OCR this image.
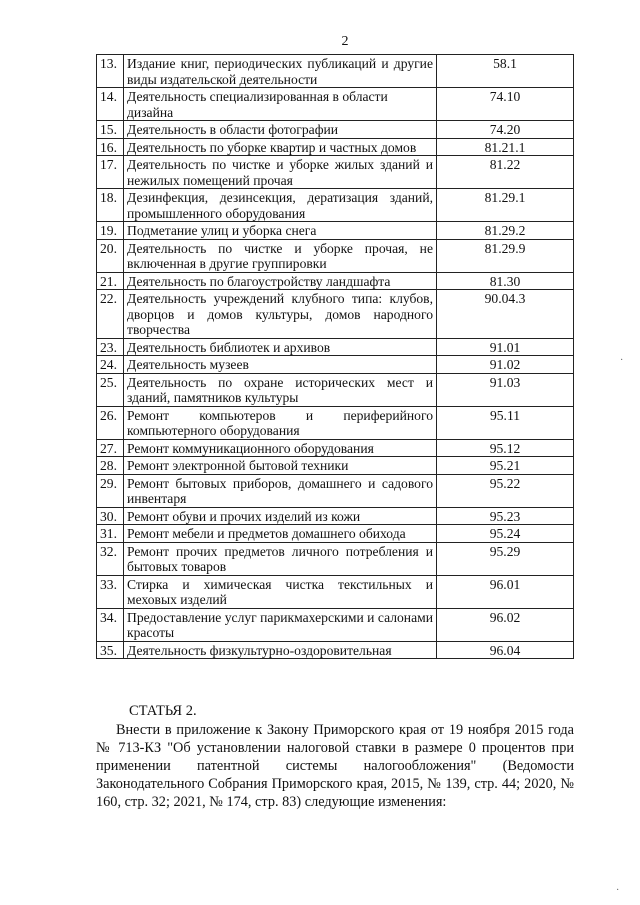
2
13.	Издание книг, периодических публикаций и другие виды издательской деятельности	58.1
14.	Деятельность специализированная в области дизайна	74.10
15.	Деятельность в области фотографии	74.20
16.	Деятельность по уборке квартир и частных домов	81.21.1
17.	Деятельность по чистке и уборке жилых зданий и нежилых помещений прочая	81.22
18.	Дезинфекция, дезинсекция, дератизация зданий, промышленного оборудования	81.29.1
19.	Подметание улиц и уборка снега	81.29.2
20.	Деятельность по чистке и уборке прочая, не включенная в другие группировки	81.29.9
21.	Деятельность по благоустройству ландшафта	81.30
22.	Деятельность учреждений клубного типа: клубов, дворцов и домов культуры, домов народного творчества	90.04.3
23.	Деятельность библиотек и архивов	91.01
24.	Деятельность музеев	91.02
25.	Деятельность по охране исторических мест и зданий, памятников культуры	91.03
26.	Ремонт компьютеров и периферийного компьютерного оборудования	95.11
27.	Ремонт коммуникационного оборудования	95.12
28.	Ремонт электронной бытовой техники	95.21
29.	Ремонт бытовых приборов, домашнего и садового инвентаря	95.22
30.	Ремонт обуви и прочих изделий из кожи	95.23
31.	Ремонт мебели и предметов домашнего обихода	95.24
32.	Ремонт прочих предметов личного потребления и бытовых товаров	95.29
33.	Стирка и химическая чистка текстильных и меховых изделий	96.01
34.	Предоставление услуг парикмахерскими и салонами красоты	96.02
35.	Деятельность физкультурно-оздоровительная	96.04
СТАТЬЯ 2.

Внести в приложение к Закону Приморского края от 19 ноября 2015 года № 713-КЗ "Об установлении налоговой ставки в размере 0 процентов при применении патентной системы налогообложения" (Ведомости Законодательного Собрания Приморского края, 2015, № 139, стр. 44; 2020, № 160, стр. 32; 2021, № 174, стр. 83) следующие изменения:

·
·
